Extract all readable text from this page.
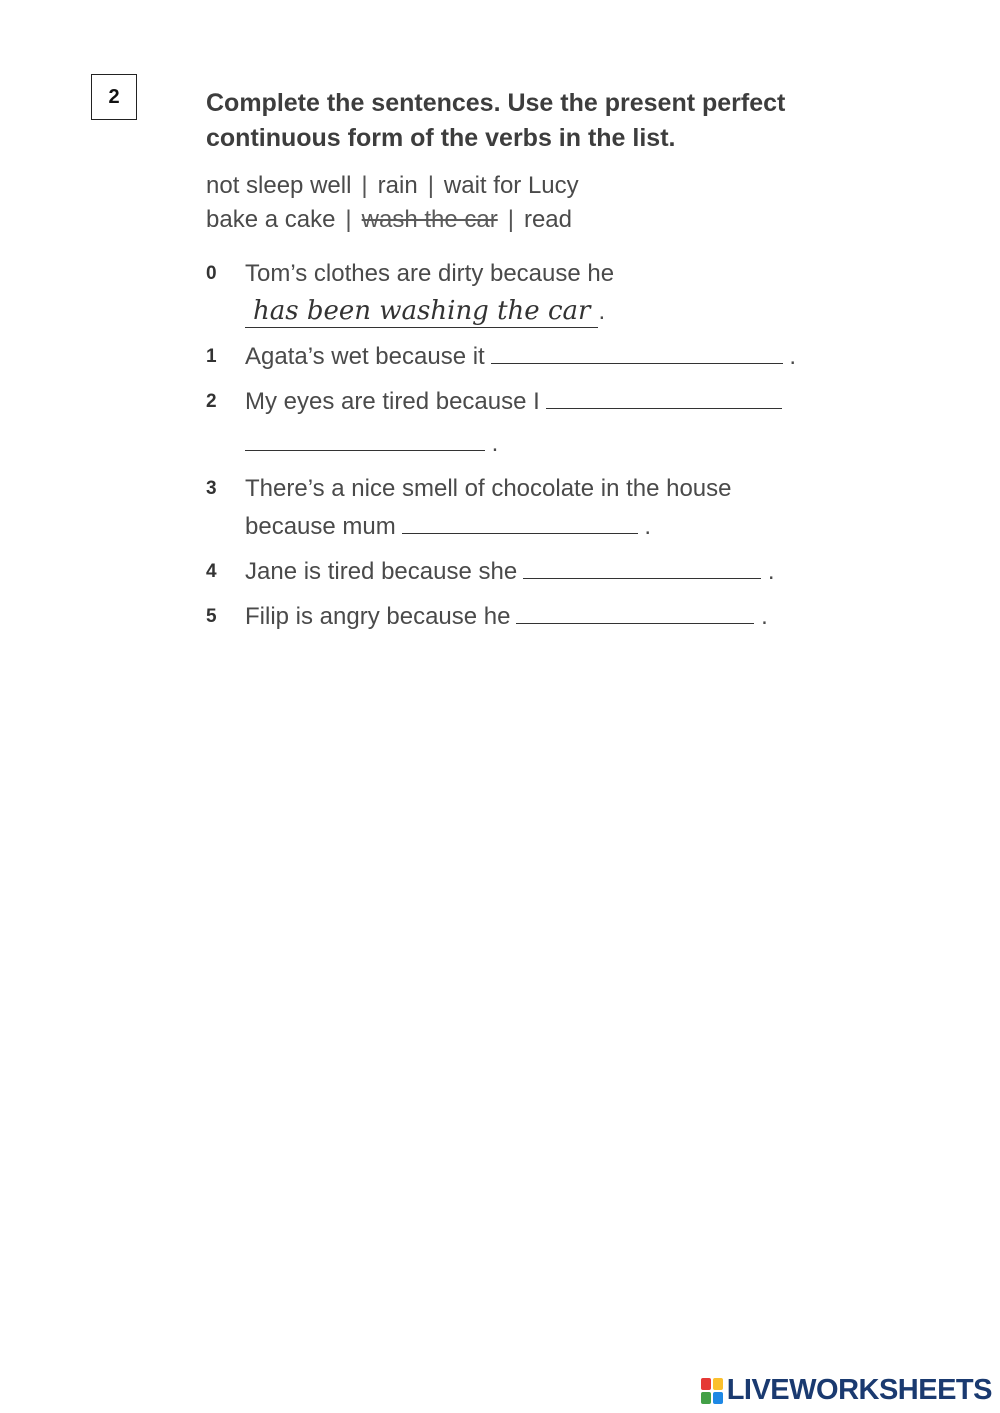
2	Complete the sentences. Use the present perfect continuous form of the verbs in the list.
not sleep well | rain | wait for Lucy
bake a cake | wash the car | read
0 Tom’s clothes are dirty because he
has been washing the car .
1 Agata’s wet because it	.
2 My eyes are tired because I
.
3 There’s a nice smell of chocolate in the house
because mum	.
4 Jane is tired because she	.
5 Filip is angry because he	.
LIVEWORKSHEETS
